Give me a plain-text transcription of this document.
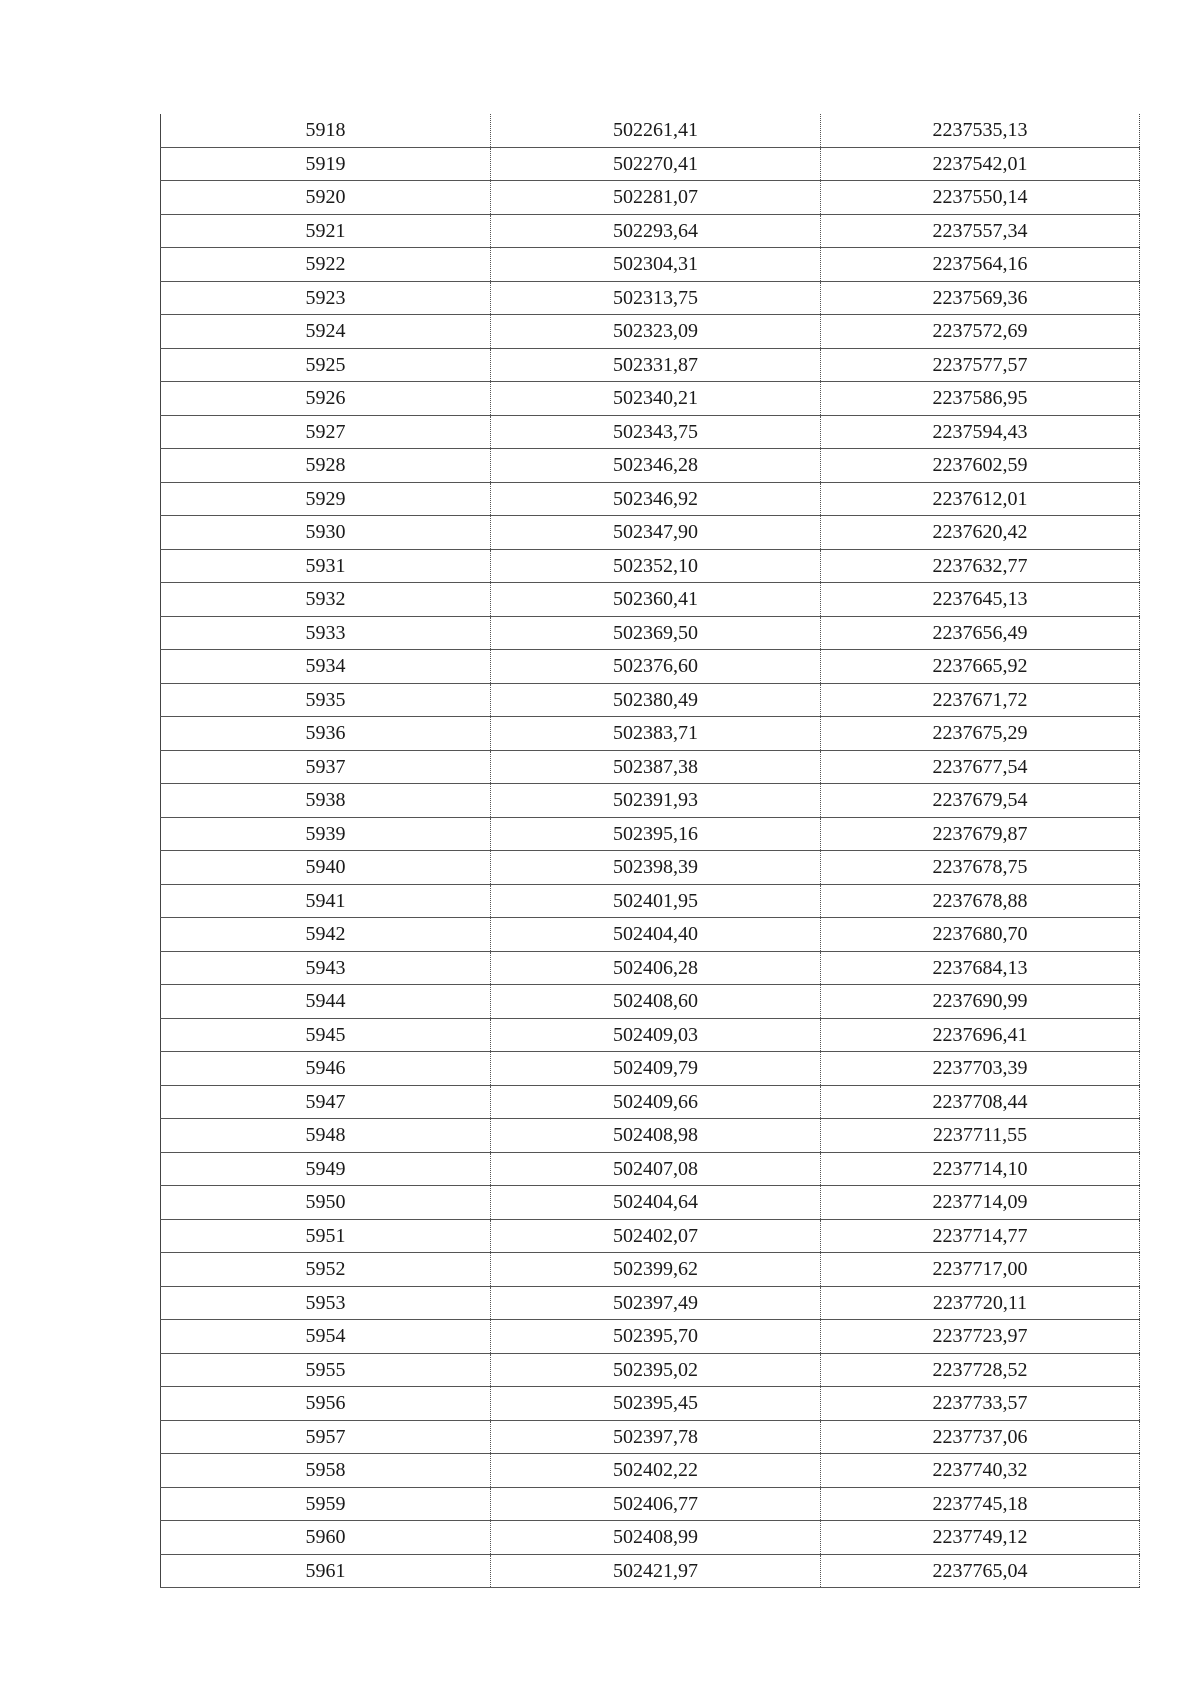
5918	502261,41	2237535,13
5919	502270,41	2237542,01
5920	502281,07	2237550,14
5921	502293,64	2237557,34
5922	502304,31	2237564,16
5923	502313,75	2237569,36
5924	502323,09	2237572,69
5925	502331,87	2237577,57
5926	502340,21	2237586,95
5927	502343,75	2237594,43
5928	502346,28	2237602,59
5929	502346,92	2237612,01
5930	502347,90	2237620,42
5931	502352,10	2237632,77
5932	502360,41	2237645,13
5933	502369,50	2237656,49
5934	502376,60	2237665,92
5935	502380,49	2237671,72
5936	502383,71	2237675,29
5937	502387,38	2237677,54
5938	502391,93	2237679,54
5939	502395,16	2237679,87
5940	502398,39	2237678,75
5941	502401,95	2237678,88
5942	502404,40	2237680,70
5943	502406,28	2237684,13
5944	502408,60	2237690,99
5945	502409,03	2237696,41
5946	502409,79	2237703,39
5947	502409,66	2237708,44
5948	502408,98	2237711,55
5949	502407,08	2237714,10
5950	502404,64	2237714,09
5951	502402,07	2237714,77
5952	502399,62	2237717,00
5953	502397,49	2237720,11
5954	502395,70	2237723,97
5955	502395,02	2237728,52
5956	502395,45	2237733,57
5957	502397,78	2237737,06
5958	502402,22	2237740,32
5959	502406,77	2237745,18
5960	502408,99	2237749,12
5961	502421,97	2237765,04
